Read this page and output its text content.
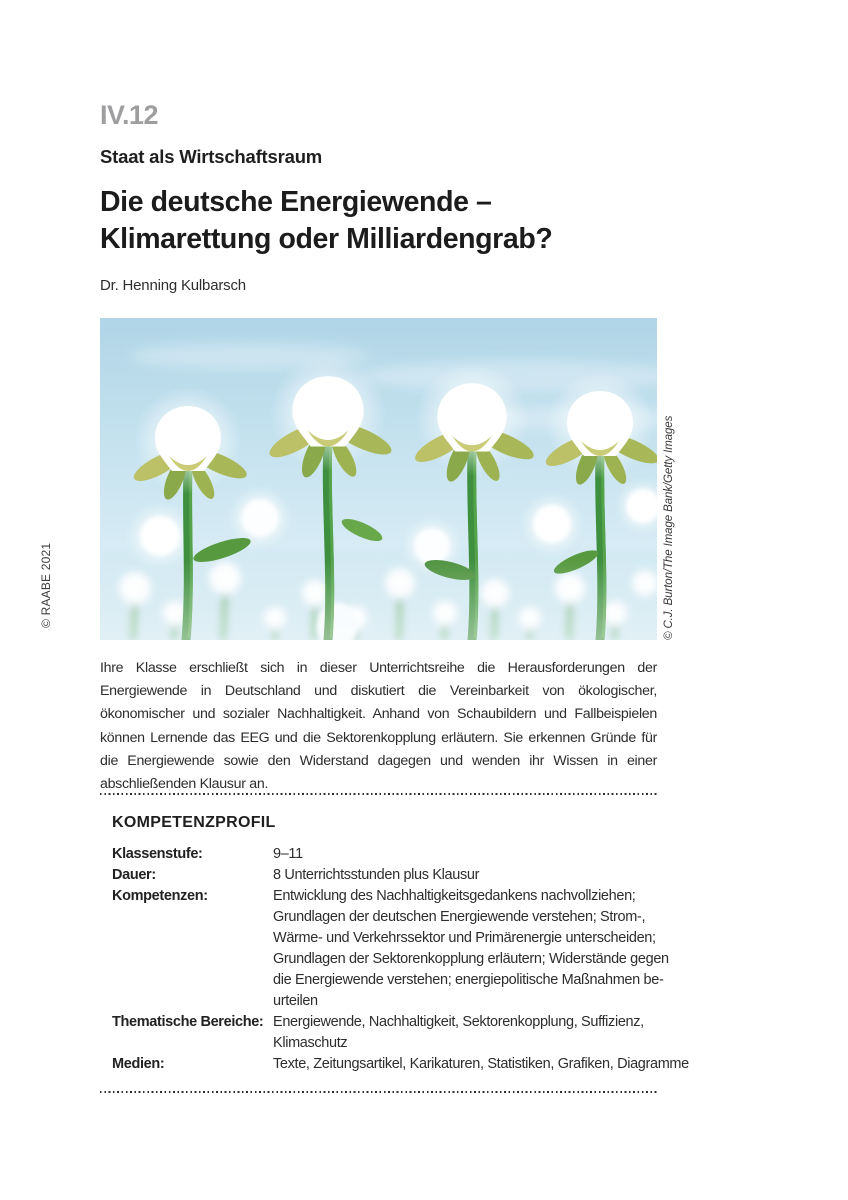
IV.12
Staat als Wirtschaftsraum
Die deutsche Energiewende –
Klimarettung oder Milliardengrab?
Dr. Henning Kulbarsch
© C.J. Burton/The Image Bank/Getty Images
© RAABE 2021

Ihre Klasse erschließt sich in dieser Unterrichtsreihe die Herausforderungen der Energiewende in Deutschland und diskutiert die Vereinbarkeit von ökologischer, ökonomischer und sozialer Nachhaltigkeit. Anhand von Schaubildern und Fallbeispielen können Lernende das EEG und die Sektorenkopplung erläutern. Sie erkennen Gründe für die Energiewende sowie den Widerstand dagegen und wenden ihr Wissen in einer abschließenden Klausur an.

KOMPETENZPROFIL
Klassenstufe:	9–11
Dauer:	8 Unterrichtsstunden plus Klausur
Kompetenzen:	Entwicklung des Nachhaltigkeitsgedankens nachvollziehen;
Grundlagen der deutschen Energiewende verstehen; Strom-,
Wärme- und Verkehrssektor und Primärenergie unterscheiden;
Grundlagen der Sektorenkopplung erläutern; Widerstände gegen
die Energiewende verstehen; energiepolitische Maßnahmen be-
urteilen
Thematische Bereiche: Energiewende, Nachhaltigkeit, Sektorenkopplung, Suffizienz,
Klimaschutz
Medien:	Texte, Zeitungsartikel, Karikaturen, Statistiken, Grafiken, Diagramme
